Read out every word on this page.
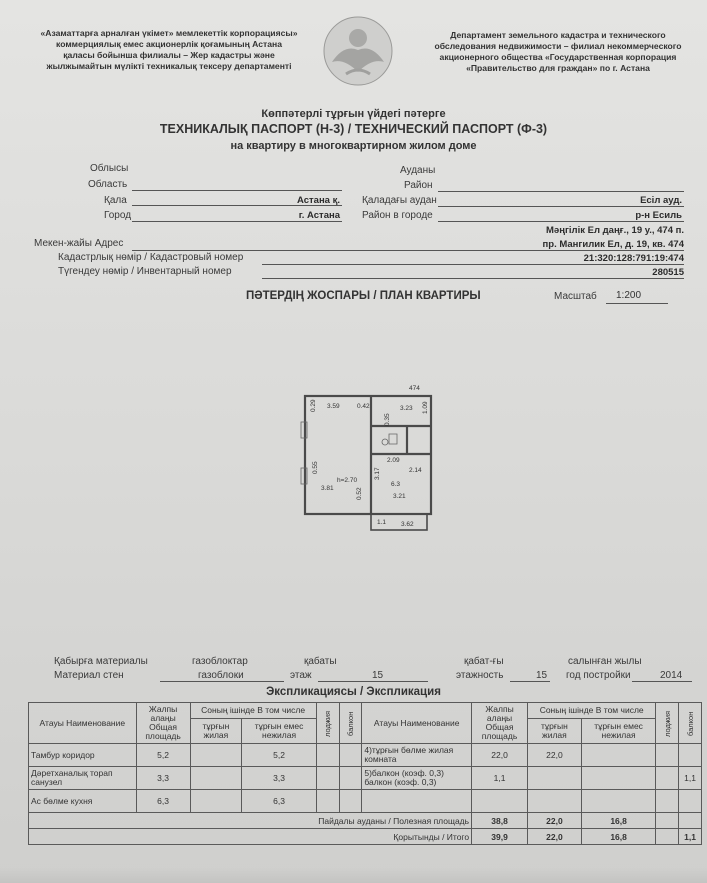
«Азаматтарға арналған үкімет» мемлекеттік корпорациясы»
коммерциялық емес акционерлік қоғамының Астана
қаласы бойынша филиалы – Жер кадастры және
жылжымайтын мүлікті техникалық тексеру департаменті
Департамент земельного кадастра и технического
обследования недвижимости – филиал некоммерческого
акционерного общества «Государственная корпорация
«Правительство для граждан» по г. Астана
Көппәтерлі тұрғын үйдегі пәтерге
ТЕХНИКАЛЫҚ ПАСПОРТ (Н-3) / ТЕХНИЧЕСКИЙ ПАСПОРТ (Ф-3)
на квартиру в многоквартирном жилом доме
Облысы
Область
Қала	Астана қ.
Город	г. Астана
Ауданы
Район
Қаладағы аудан	Есіл ауд.
Район в городе	р-н Есиль
Мәңгілік Ел даңғ., 19 у., 474 п.
Мекен-жайы Адрес	пр. Мангилик Ел, д. 19, кв. 474
Кадастрлық нөмір / Кадастровый номер	21:320:128:791:19:474
Түгендеу нөмір / Инвентарный номер	280515
ПӘТЕРДІҢ ЖОСПАРЫ / ПЛАН КВАРТИРЫ	Масштаб 1:200
474
3.59	0.42	3.23 1.09
2.14
3.81
h=2.70
6.3
3.21
3.62
0.55	3.17
0.52
0.35
0.29
2.09
1.1
Қабырға материалы
Материал стен
газоблоктар
газоблоки
қабаты
этаж	15
қабат-ғы
этажность	15
салынған жылы
год постройки	2014
Экспликациясы / Экспликация
Атауы Наименование	Жалпы алаңы Общая площадь	Соның ішінде В том числе		лоджия	балкон	Атауы Наименование	Жалпы алаңы Общая площадь	Соның ішінде В том числе		лоджия	балкон
		тұрғын жилая	тұрғын емес нежилая					тұрғын жилая	тұрғын емес нежилая		
Тамбур коридор	5,2		5,2			4)тұрғын бөлме жилая комната	22,0	22,0			
Дәретханалық торап санузел	3,3		3,3			5)балкон (коэф. 0,3) балкон (коэф. 0,3)	1,1				1,1
Ас бөлме кухня	6,3		6,3								
Пайдалы ауданы / Полезная площадь							38,8	22,0	16,8		
Қорытынды / Итого							39,9	22,0	16,8		1,1
